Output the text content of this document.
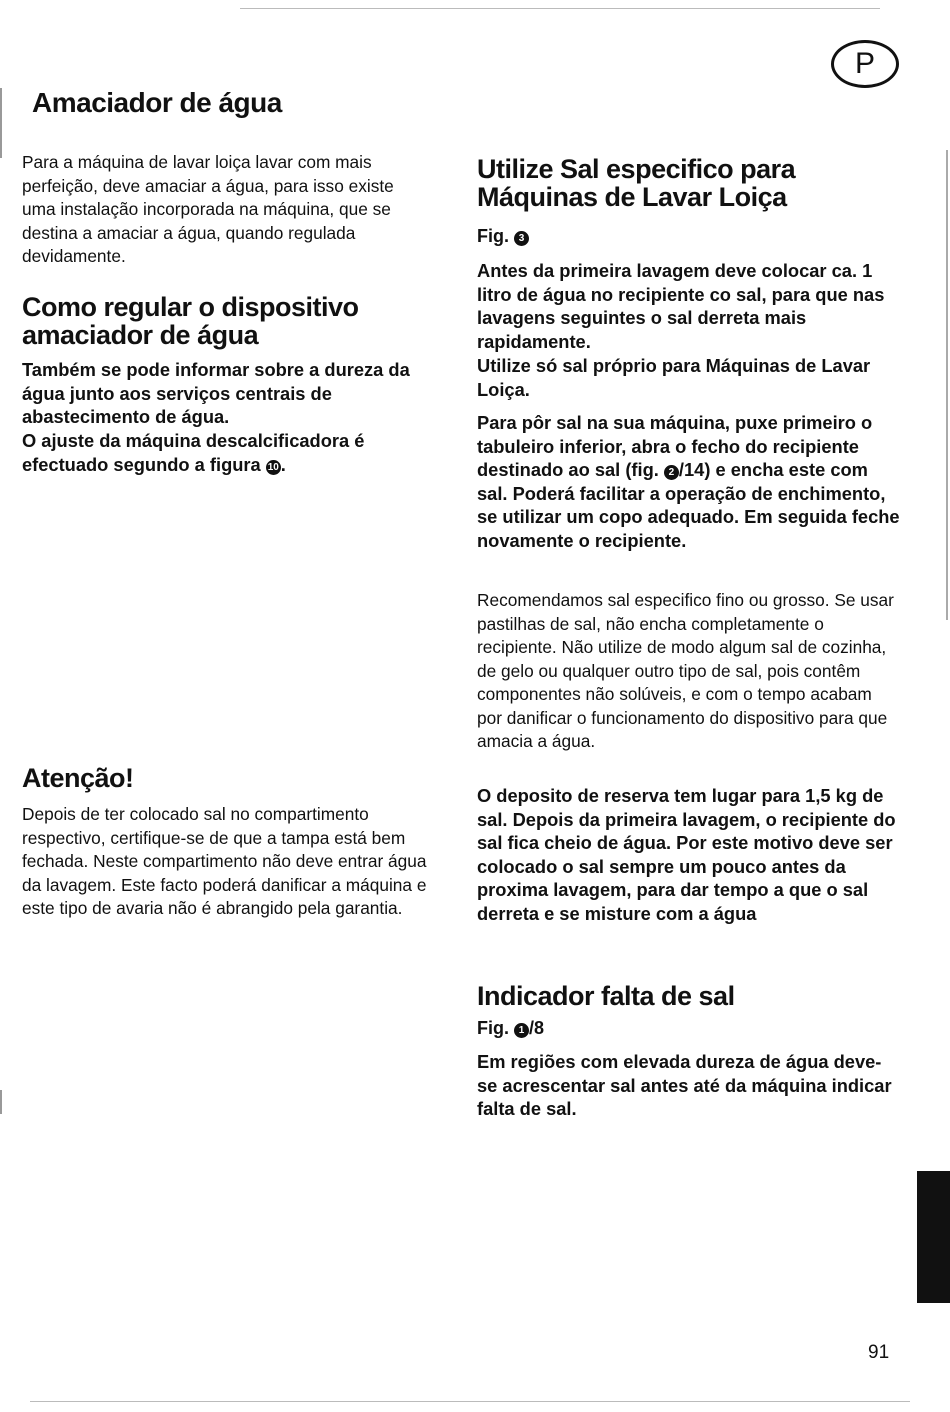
P
Amaciador de água

Para a máquina de lavar loiça lavar com mais perfeição, deve amaciar a água, para isso existe uma instalação incorporada na máquina, que se destina a amaciar a água, quando regulada devidamente.

Como regular o dispositivo
amaciador de água

Também se pode informar sobre a dureza da água junto aos serviços centrais de abastecimento de água.

O ajuste da máquina descalcificadora é efectuado segundo a figura 10 .

Atenção!

Depois de ter colocado sal no compartimento respectivo, certifique-se de que a tampa está bem fechada. Neste compartimento não deve entrar água da lavagem. Este facto poderá danificar a máquina e este tipo de avaria não é abrangido pela garantia.

Utilize Sal especifico para
Máquinas de Lavar Loiça

Fig. 3

Antes da primeira lavagem deve colocar ca. 1 litro de água no recipiente co sal, para que nas lavagens seguintes o sal derreta mais rapidamente.

Utilize só sal próprio para Máquinas de Lavar Loiça.

Para pôr sal na sua máquina, puxe primeiro o tabuleiro inferior, abra o fecho do recipiente destinado ao sal (fig. 2 /14) e encha este com sal. Poderá facilitar a operação de enchimento, se utilizar um copo adequado. Em seguida feche novamente o recipiente.

Recomendamos sal especifico fino ou grosso. Se usar pastilhas de sal, não encha completamente o recipiente. Não utilize de modo algum sal de cozinha, de gelo ou qualquer outro tipo de sal, pois contêm componentes não solúveis, e com o tempo acabam por danificar o funcionamento do dispositivo para que amacia a água.

O deposito de reserva tem lugar para 1,5 kg de sal. Depois da primeira lavagem, o recipiente do sal fica cheio de água. Por este motivo deve ser colocado o sal sempre um pouco antes da proxima lavagem, para dar tempo a que o sal derreta e se misture com a água

Indicador falta de sal

Fig. 1 /8

Em regiões com elevada dureza de água deve-se acrescentar sal antes até da máquina indicar falta de sal.

91
